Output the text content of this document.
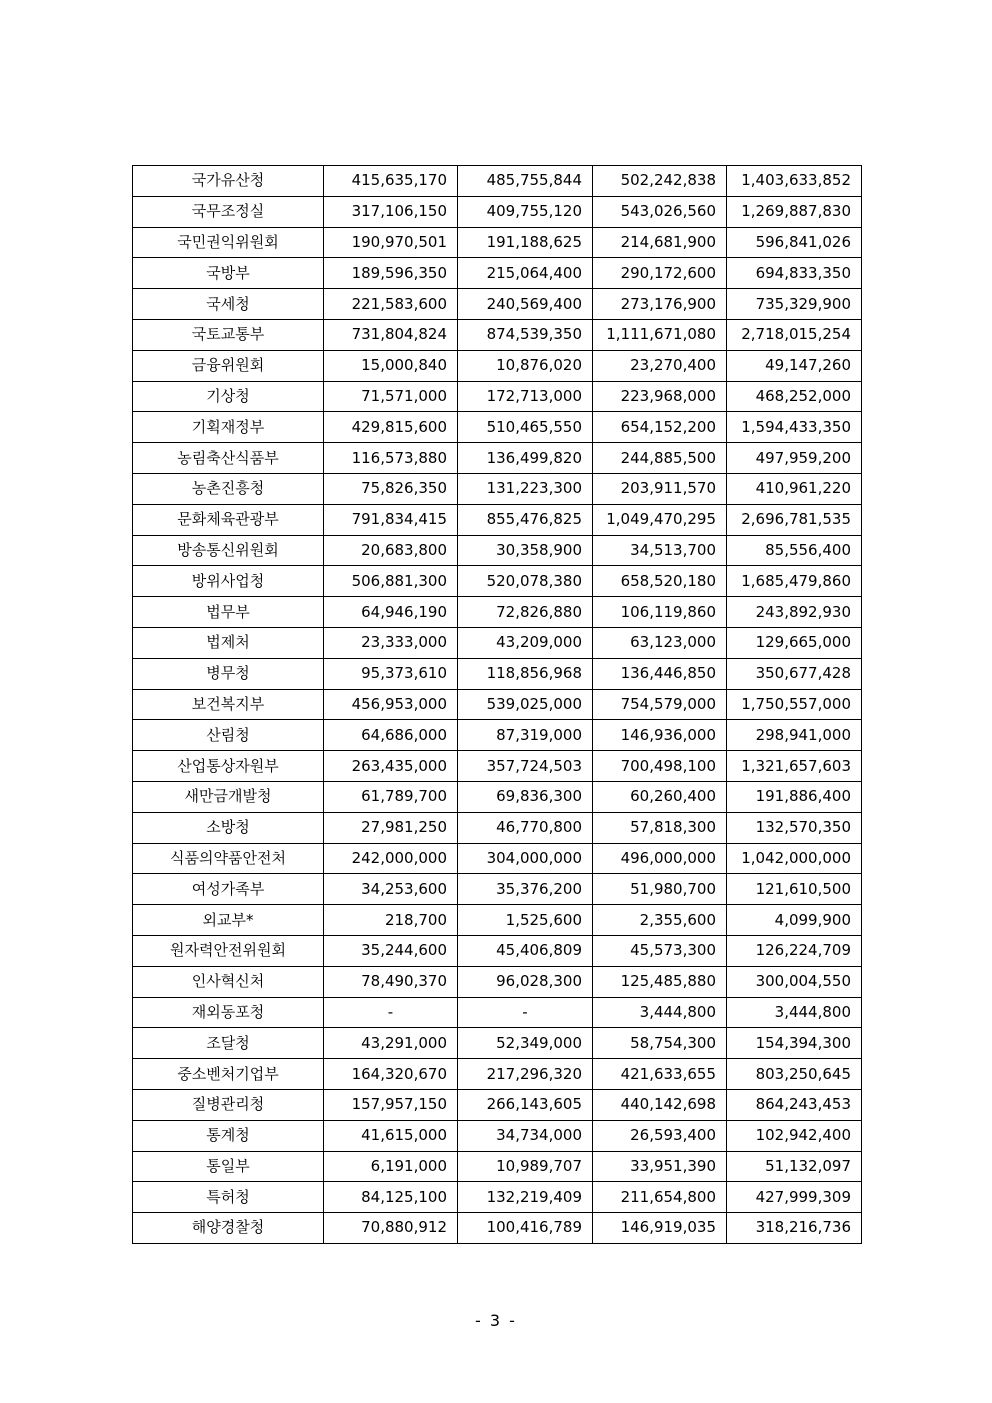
국가유산청	415,635,170	485,755,844	502,242,838	1,403,633,852
국무조정실	317,106,150	409,755,120	543,026,560	1,269,887,830
국민권익위원회	190,970,501	191,188,625	214,681,900	596,841,026
국방부	189,596,350	215,064,400	290,172,600	694,833,350
국세청	221,583,600	240,569,400	273,176,900	735,329,900
국토교통부	731,804,824	874,539,350	1,111,671,080	2,718,015,254
금융위원회	15,000,840	10,876,020	23,270,400	49,147,260
기상청	71,571,000	172,713,000	223,968,000	468,252,000
기획재정부	429,815,600	510,465,550	654,152,200	1,594,433,350
농림축산식품부	116,573,880	136,499,820	244,885,500	497,959,200
농촌진흥청	75,826,350	131,223,300	203,911,570	410,961,220
문화체육관광부	791,834,415	855,476,825	1,049,470,295	2,696,781,535
방송통신위원회	20,683,800	30,358,900	34,513,700	85,556,400
방위사업청	506,881,300	520,078,380	658,520,180	1,685,479,860
법무부	64,946,190	72,826,880	106,119,860	243,892,930
법제처	23,333,000	43,209,000	63,123,000	129,665,000
병무청	95,373,610	118,856,968	136,446,850	350,677,428
보건복지부	456,953,000	539,025,000	754,579,000	1,750,557,000
산림청	64,686,000	87,319,000	146,936,000	298,941,000
산업통상자원부	263,435,000	357,724,503	700,498,100	1,321,657,603
새만금개발청	61,789,700	69,836,300	60,260,400	191,886,400
소방청	27,981,250	46,770,800	57,818,300	132,570,350
식품의약품안전처	242,000,000	304,000,000	496,000,000	1,042,000,000
여성가족부	34,253,600	35,376,200	51,980,700	121,610,500
외교부*	218,700	1,525,600	2,355,600	4,099,900
원자력안전위원회	35,244,600	45,406,809	45,573,300	126,224,709
인사혁신처	78,490,370	96,028,300	125,485,880	300,004,550
재외동포청	-	-	3,444,800	3,444,800
조달청	43,291,000	52,349,000	58,754,300	154,394,300
중소벤처기업부	164,320,670	217,296,320	421,633,655	803,250,645
질병관리청	157,957,150	266,143,605	440,142,698	864,243,453
통계청	41,615,000	34,734,000	26,593,400	102,942,400
통일부	6,191,000	10,989,707	33,951,390	51,132,097
특허청	84,125,100	132,219,409	211,654,800	427,999,309
해양경찰청	70,880,912	100,416,789	146,919,035	318,216,736
- 3 -
